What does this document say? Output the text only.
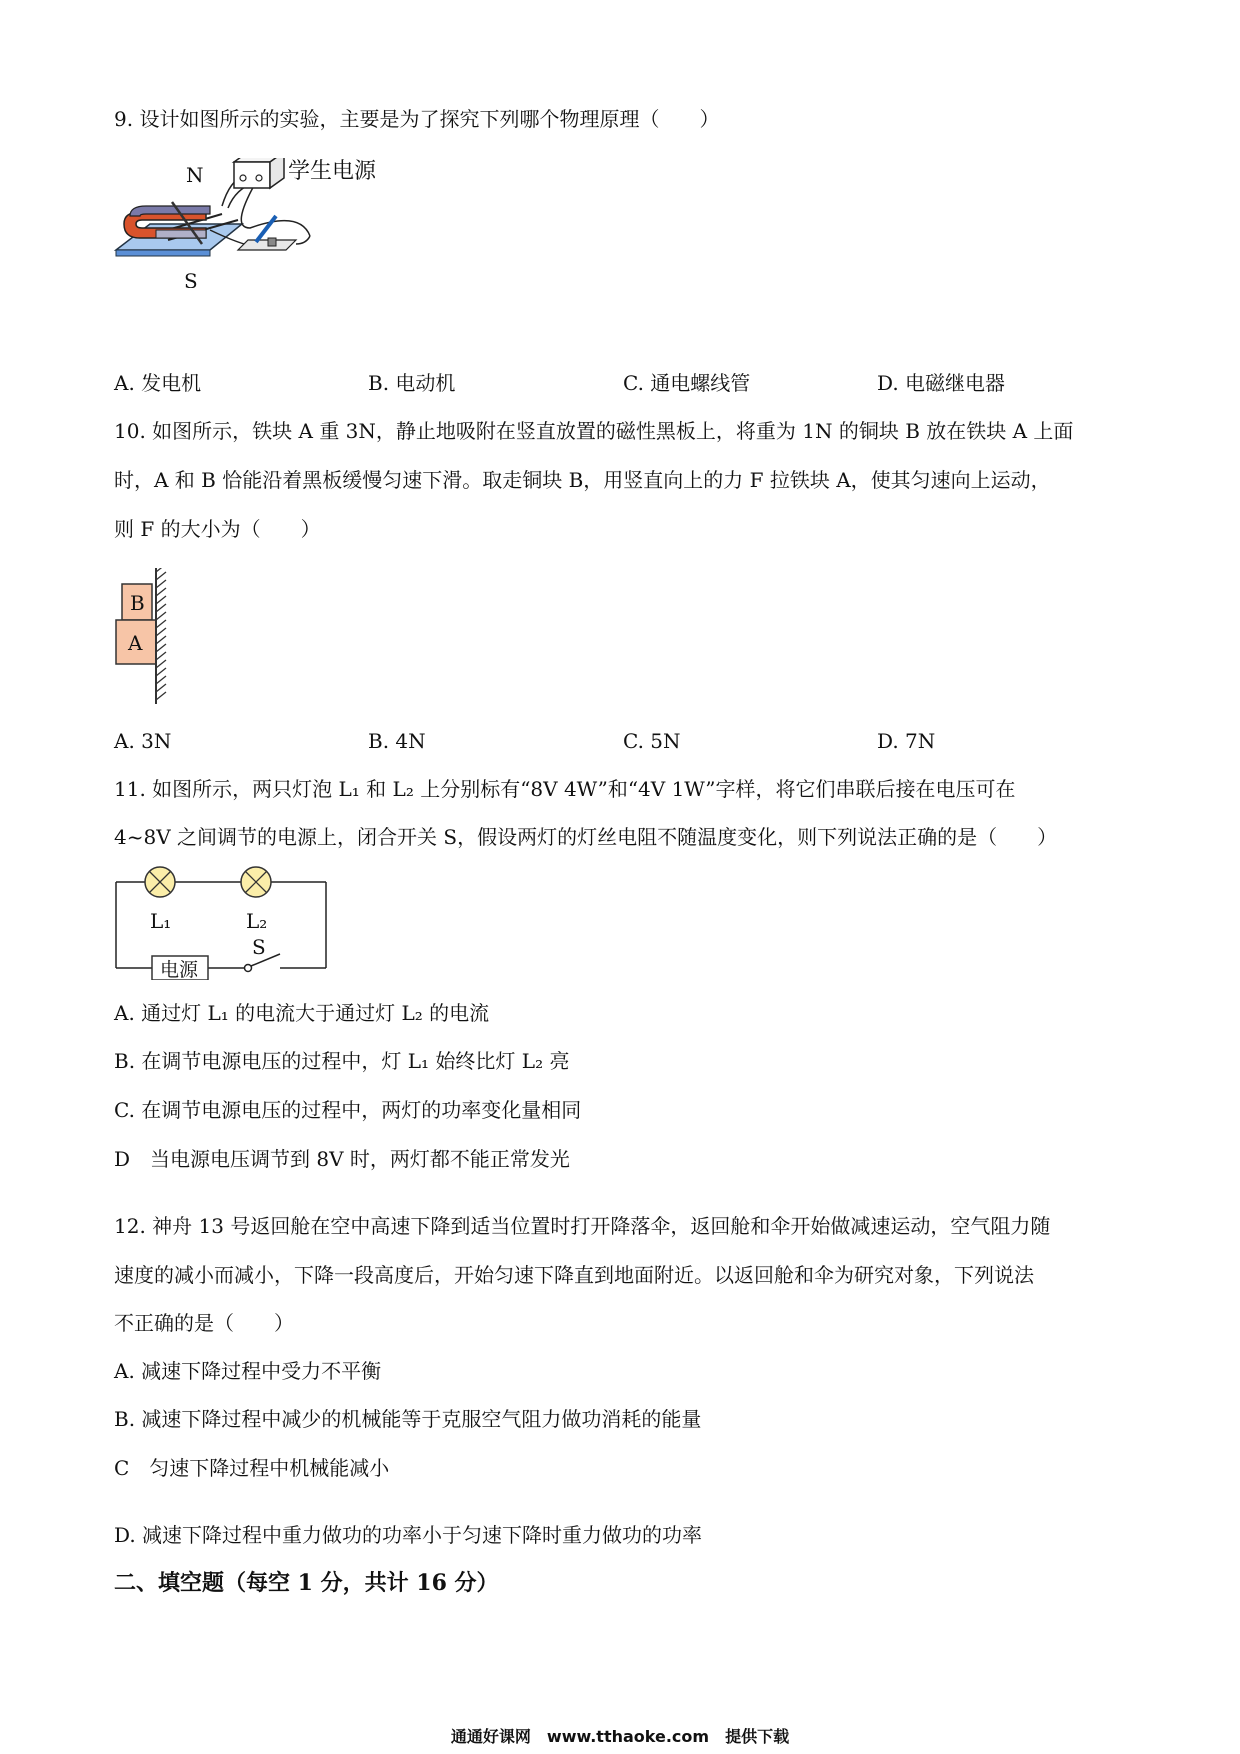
9. 设计如图所示的实验，主要是为了探究下列哪个物理原理（　　）
N
S
学生电源
A. 发电机	B. 电动机	C. 通电螺线管	D. 电磁继电器
10. 如图所示，铁块 A 重 3N，静止地吸附在竖直放置的磁性黑板上，将重为 1N 的铜块 B 放在铁块 A 上面
时，A 和 B 恰能沿着黑板缓慢匀速下滑。取走铜块 B，用竖直向上的力 F 拉铁块 A，使其匀速向上运动，
则 F 的大小为（　　）
B
A
A. 3N	B. 4N	C. 5N	D. 7N
11. 如图所示，两只灯泡 L₁ 和 L₂ 上分别标有“8V 4W”和“4V 1W”字样，将它们串联后接在电压可在
4~8V 之间调节的电源上，闭合开关 S，假设两灯的灯丝电阻不随温度变化，则下列说法正确的是（　　）
L₁	L₂
S
电源
A. 通过灯 L₁ 的电流大于通过灯 L₂ 的电流
B. 在调节电源电压的过程中，灯 L₁ 始终比灯 L₂ 亮
C. 在调节电源电压的过程中，两灯的功率变化量相同
D　当电源电压调节到 8V 时，两灯都不能正常发光
12. 神舟 13 号返回舱在空中高速下降到适当位置时打开降落伞，返回舱和伞开始做减速运动，空气阻力随
速度的减小而减小，下降一段高度后，开始匀速下降直到地面附近。以返回舱和伞为研究对象，下列说法
不正确的是（　　）
A. 减速下降过程中受力不平衡
B. 减速下降过程中减少的机械能等于克服空气阻力做功消耗的能量
C　匀速下降过程中机械能减小
D. 减速下降过程中重力做功的功率小于匀速下降时重力做功的功率
二、填空题（每空 1 分，共计 16 分）
通通好课网　www.tthaoke.com　提供下载
